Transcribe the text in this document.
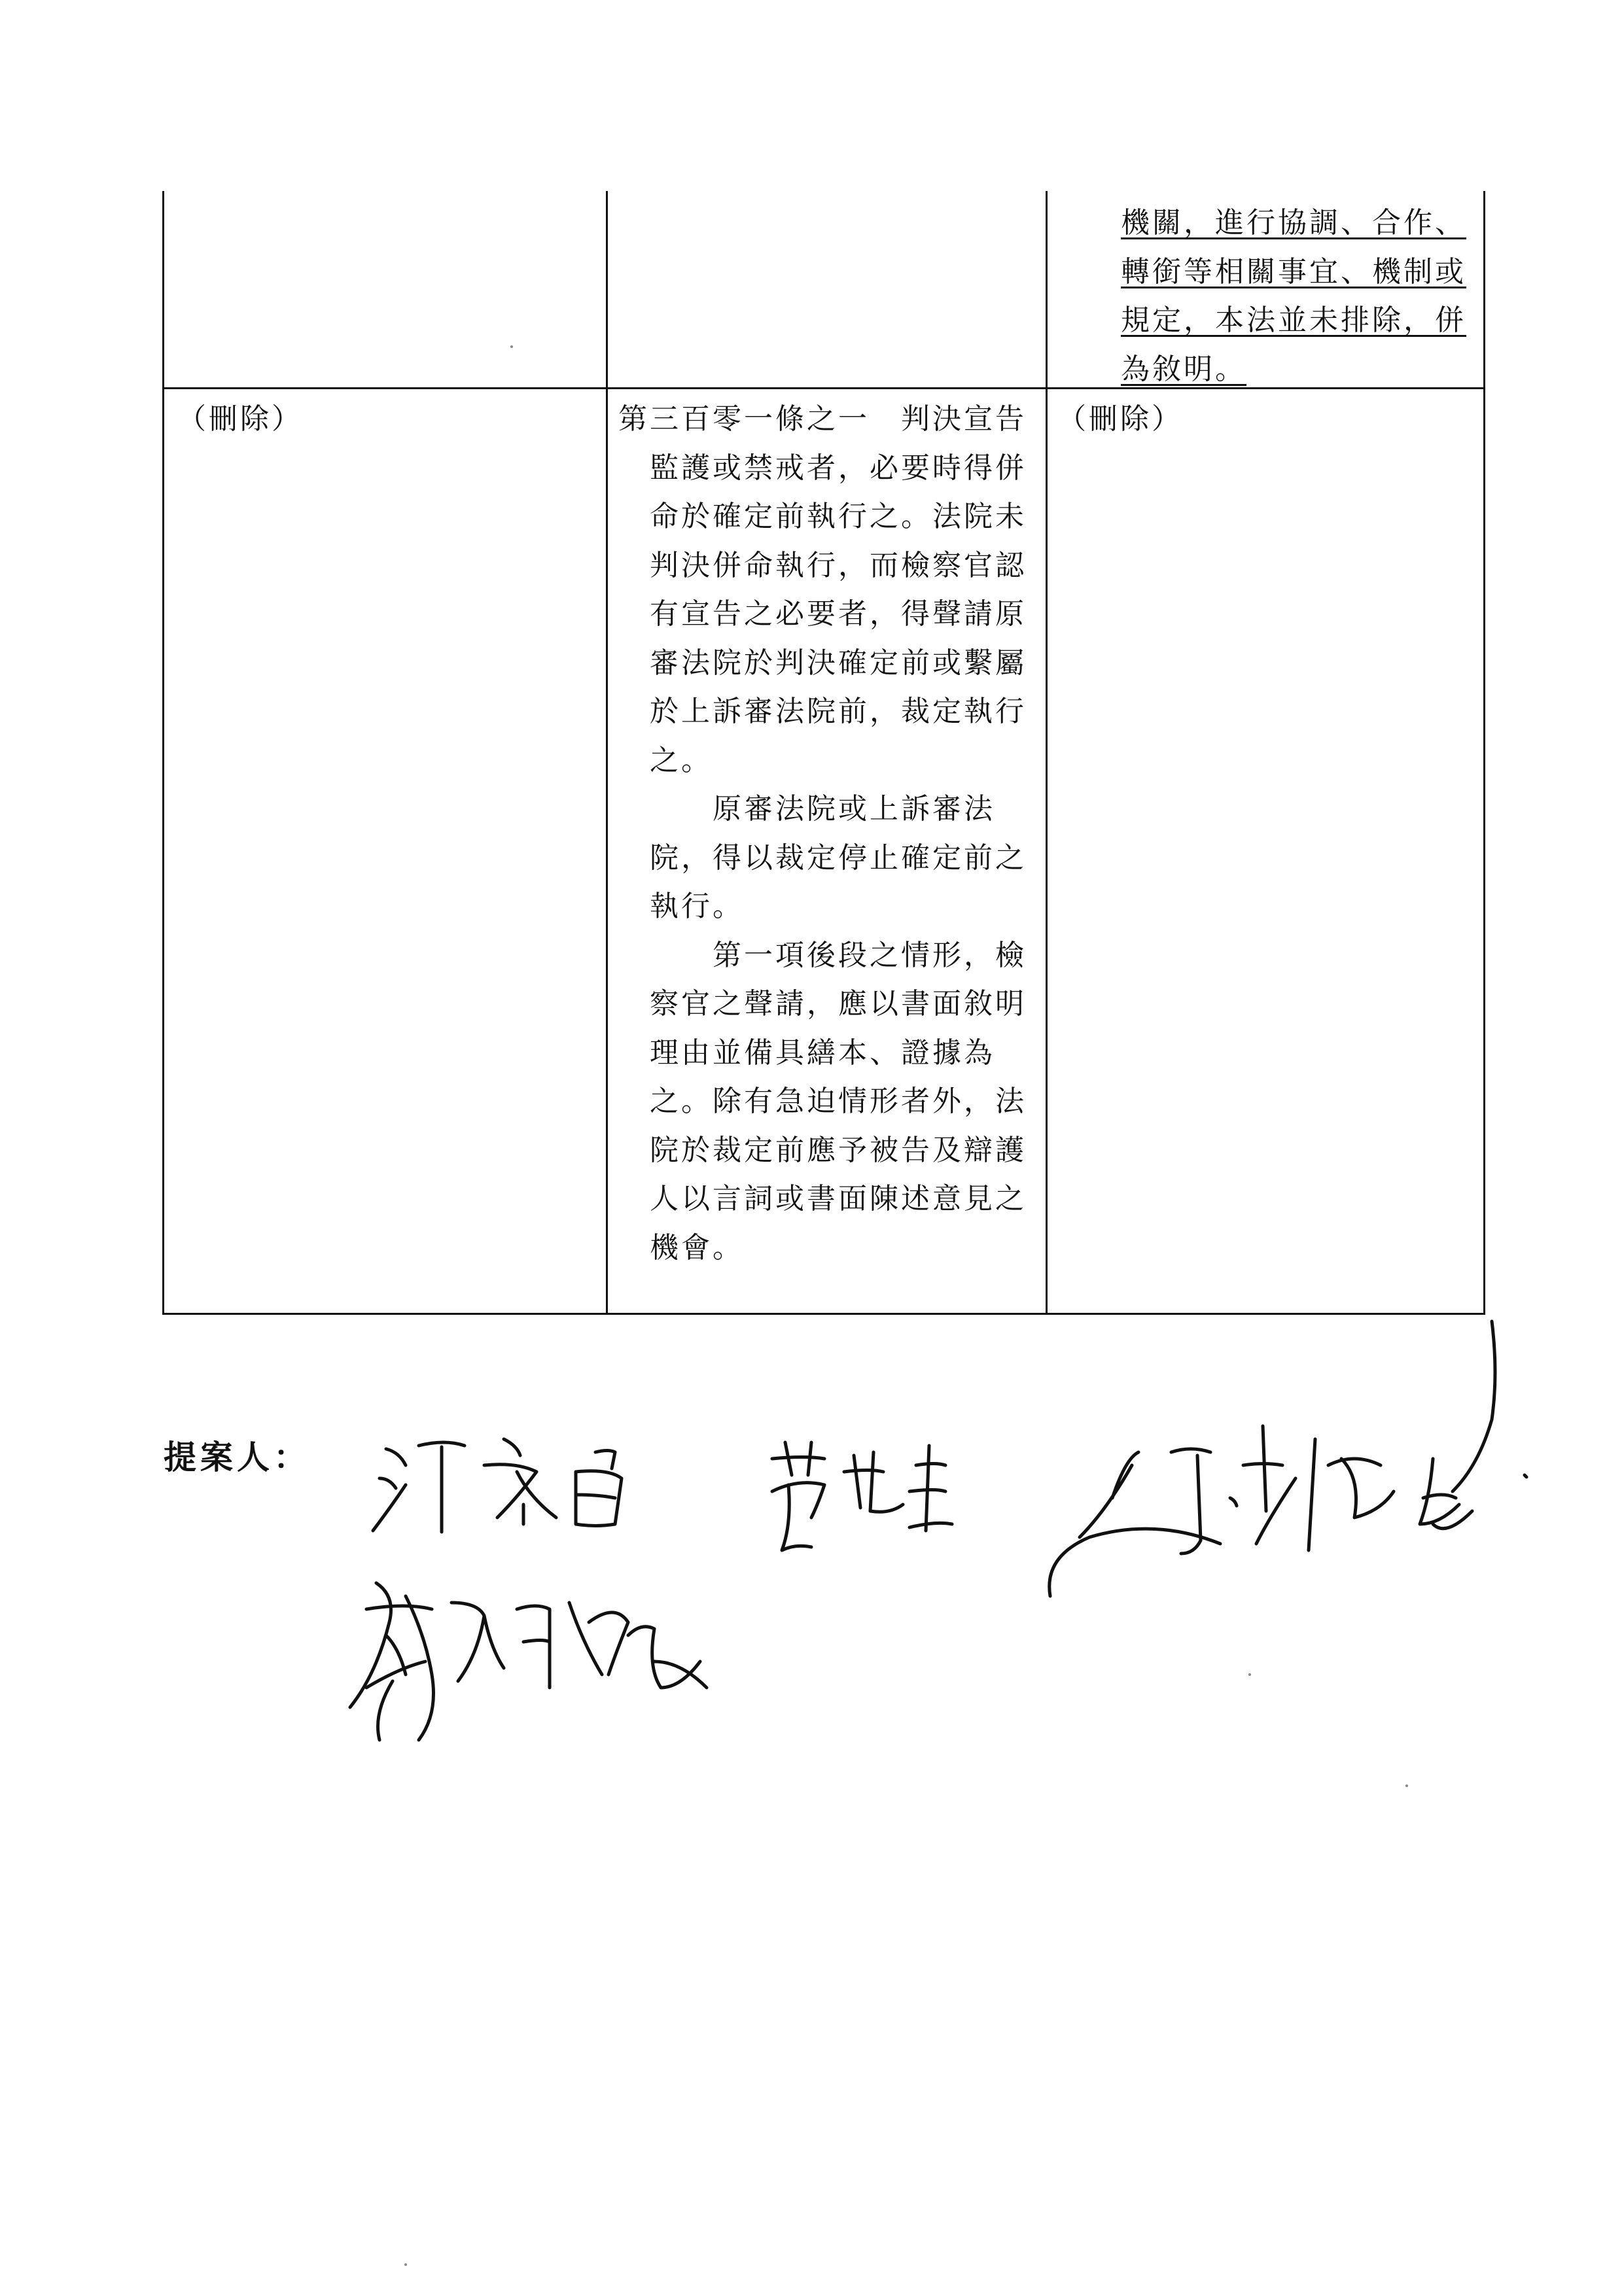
機關，進行協調、合作、
轉銜等相關事宜、機制或
規定，本法並未排除，併
為敘明。
（刪除）	第三百零一條之一　判決宣告
　監護或禁戒者，必要時得併
　命於確定前執行之。法院未
　判決併命執行，而檢察官認
　有宣告之必要者，得聲請原
　審法院於判決確定前或繫屬
　於上訴審法院前，裁定執行
　之。
　　　原審法院或上訴審法
　院，得以裁定停止確定前之
　執行。
　　　第一項後段之情形，檢
　察官之聲請，應以書面敘明
　理由並備具繕本、證據為
　之。除有急迫情形者外，法
　院於裁定前應予被告及辯護
　人以言詞或書面陳述意見之
　機會。
（刪除）
提案人：
